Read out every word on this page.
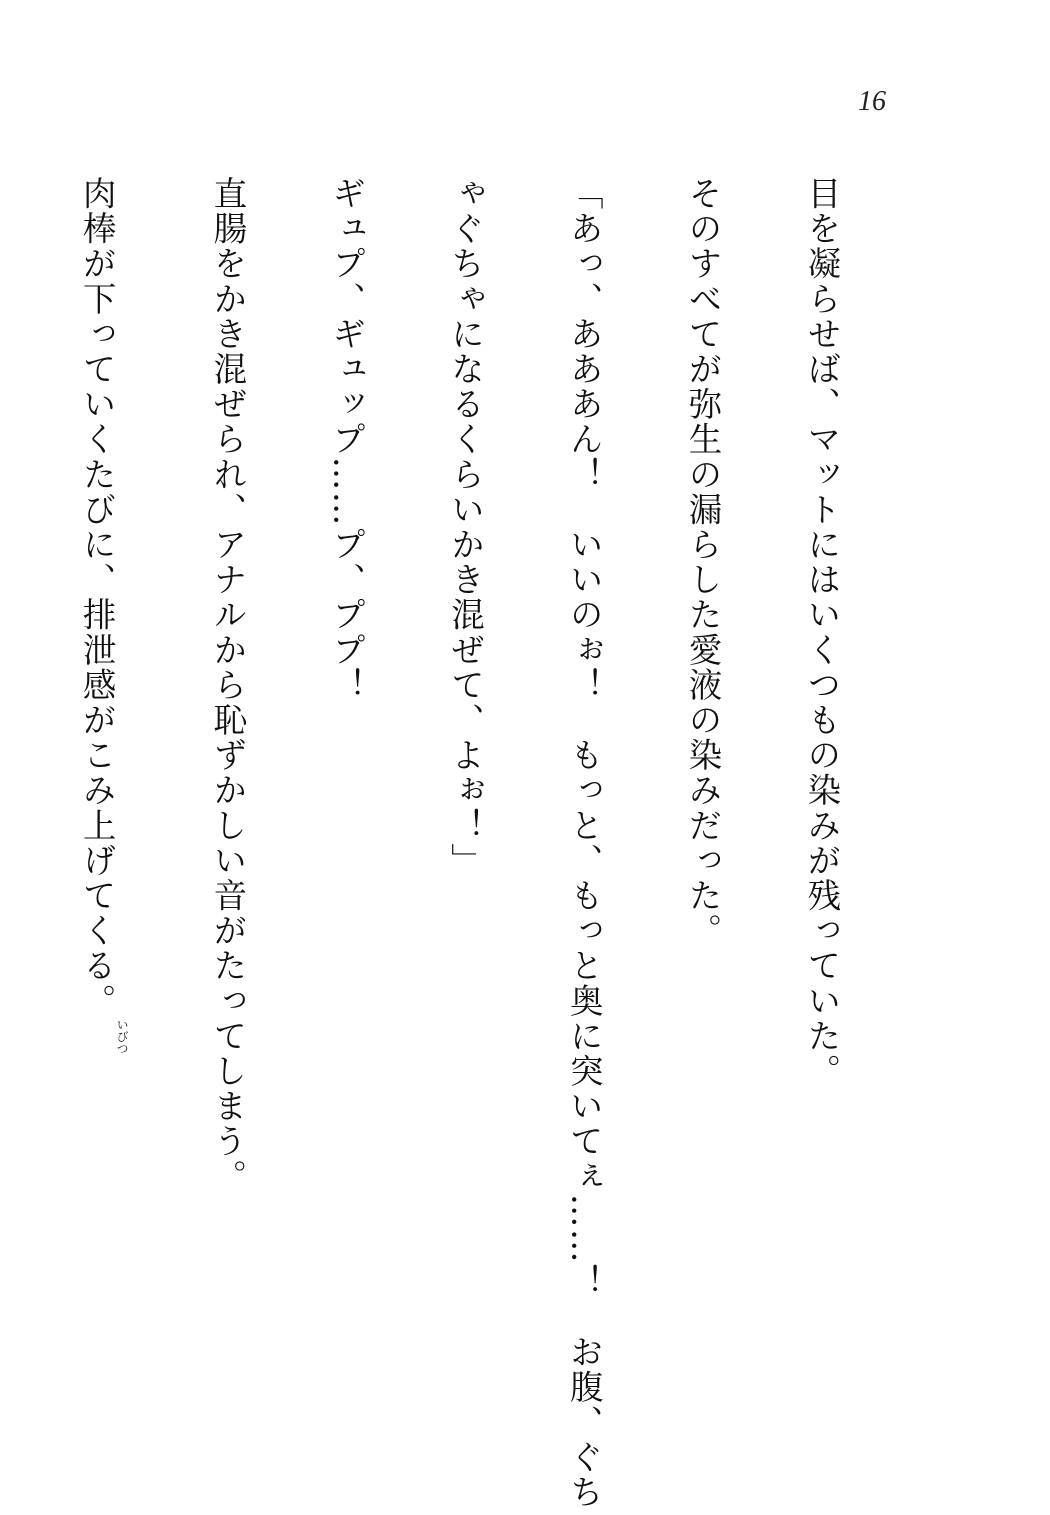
16

目を凝らせば、マットにはいくつもの染みが残っていた。

そのすべてが弥生の漏らした愛液の染みだった。

「あっ、あああん！　いいのぉ！　もっと、もっと奥に突いてぇ……！　お腹、ぐち

ゃぐちゃになるくらいかき混ぜて、よぉ！」

ギュプ、ギュップ……プ、ププ！

直腸をかき混ぜられ、アナルから恥ずかしい音がたってしまう。

肉棒が下っていくたびに、排泄感がこみ上げてくる。いびつ
